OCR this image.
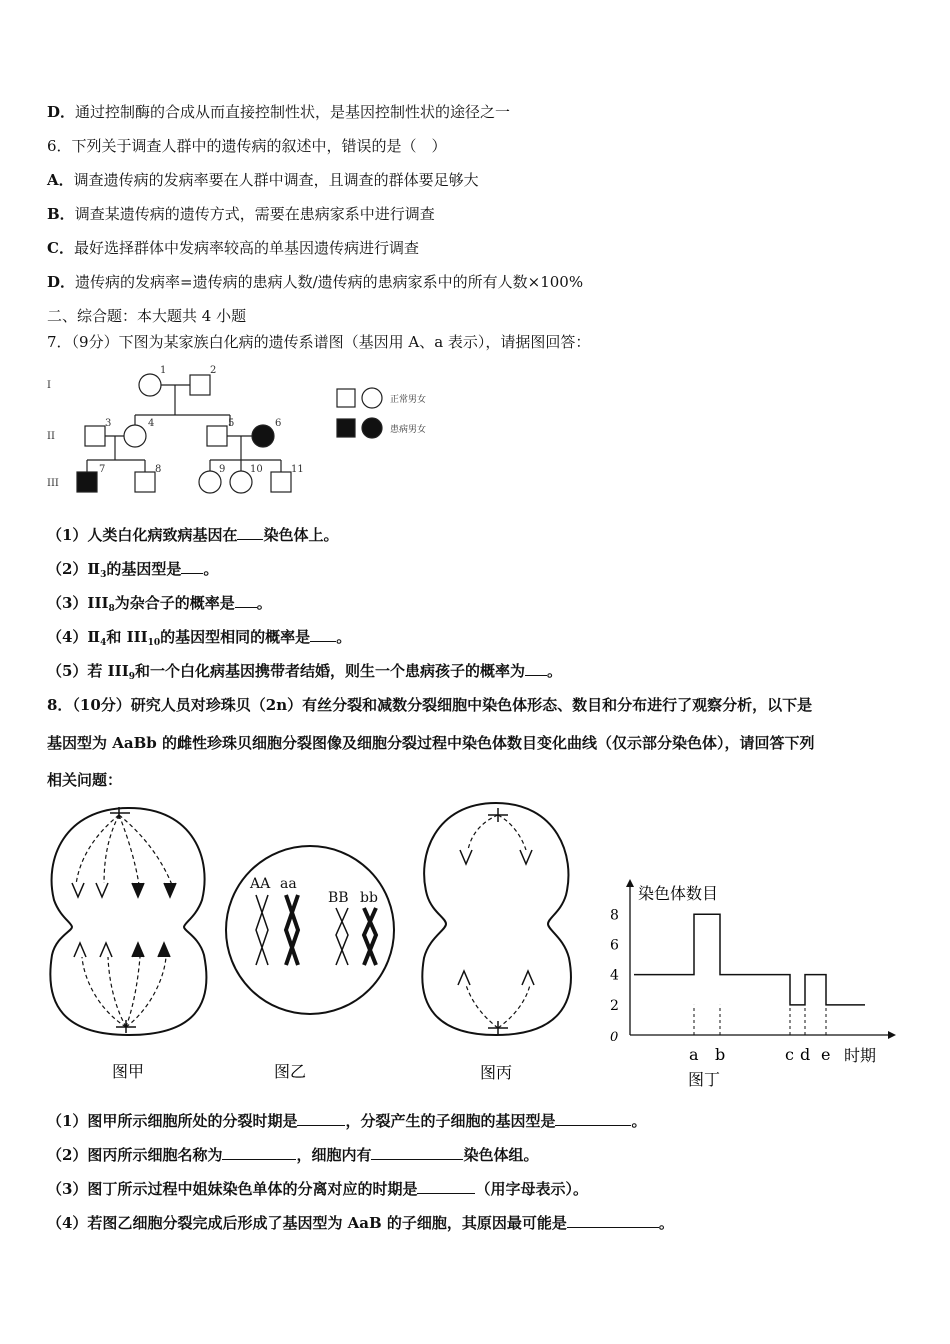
D．通过控制酶的合成从而直接控制性状，是基因控制性状的途径之一
6．下列关于调查人群中的遗传病的叙述中，错误的是（　）
A．调查遗传病的发病率要在人群中调查，且调查的群体要足够大
B．调查某遗传病的遗传方式，需要在患病家系中进行调查
C．最好选择群体中发病率较高的单基因遗传病进行调查
D．遗传病的发病率=遗传病的患病人数/遗传病的患病家系中的所有人数×100%
二、综合题：本大题共 4 小题
7．（9分）下图为某家族白化病的遗传系谱图（基因用 A、a 表示），请据图回答：
I
II
III
1	2
3	4	5	6
7	8	9 10	11
正常男女
患病男女
（1）人类白化病致病基因在 染色体上。
$(2)Ⅱ_3$的基因型是 。
$(3)III_8$为杂合子的概率是 。
$(4)Ⅱ_4$和 $III_{10}$的基因型相同的概率是 。
（5）若 $III_9$和一个白化病基因携带者结婚，则生一个患病孩子的概率为 。
8．（10分）研究人员对珍珠贝（2n）有丝分裂和减数分裂细胞中染色体形态、数目和分布进行了观察分析，以下是
基因型为 AaBb 的雌性珍珠贝细胞分裂图像及细胞分裂过程中染色体数目变化曲线（仅示部分染色体），请回答下列
相关问题：
图甲
AA aa
BB bb
图乙	图丙
染色体数目
0
时期
2
4
6
8
a b	c d e
图丁
（1）图甲所示细胞所处的分裂时期是	，分裂产生的子细胞的基因型是	。
（2）图丙所示细胞名称为	，细胞内有	染色体组。
（3）图丁所示过程中姐妹染色单体的分离对应的时期是	（用字母表示）。
（4）若图乙细胞分裂完成后形成了基因型为 AaB 的子细胞，其原因最可能是	。
